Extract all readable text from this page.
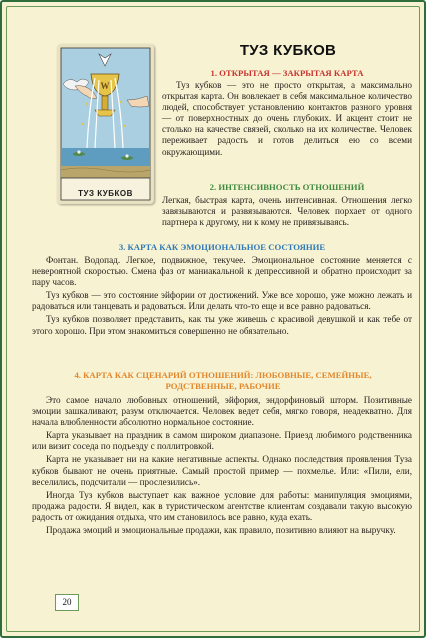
W
ТУЗ КУБКОВ
ТУЗ КУБКОВ
1. ОТКРЫТАЯ — ЗАКРЫТАЯ КАРТА

Туз кубков — это не просто открытая, а максимально открытая карта. Он вовлекает в себя максимальное количество людей, способствует установлению контактов разного уровня — от поверхностных до очень глубоких. И акцент стоит не столько на качестве связей, сколько на их количестве. Человек переживает радость и готов делиться ею со всеми окружающими.

2. ИНТЕНСИВНОСТЬ ОТНОШЕНИЙ

Легкая, быстрая карта, очень интенсивная. Отношения легко завязываются и развязываются. Человек порхает от одного партнера к другому, ни к кому не привязываясь.

3. КАРТА КАК ЭМОЦИОНАЛЬНОЕ СОСТОЯНИЕ

Фонтан. Водопад. Легкое, подвижное, текучее. Эмоциональное состояние меняется с невероятной скоростью. Смена фаз от маниакальной к депрессивной и обратно происходит за пару часов.

Туз кубков — это состояние эйфории от достижений. Уже все хорошо, уже можно лежать и радоваться или танцевать и радоваться. Или делать что-то еще и все равно радоваться.

Туз кубков позволяет представить, как ты уже живешь с красивой девушкой и как тебе от этого хорошо. При этом знакомиться совершенно не обязательно.

4. КАРТА КАК СЦЕНАРИЙ ОТНОШЕНИЙ: ЛЮБОВНЫЕ, СЕМЕЙНЫЕ, РОДСТВЕННЫЕ, РАБОЧИЕ

Это самое начало любовных отношений, эйфория, эндорфиновый шторм. Позитивные эмоции зашкаливают, разум отключается. Человек ведет себя, мягко говоря, неадекватно. Для начала влюбленности абсолютно нормальное состояние.

Карта указывает на праздник в самом широком диапазоне. Приезд любимого родственника или визит соседа по подъезду с поллитровкой.

Карта не указывает ни на какие негативные аспекты. Однако последствия проявления Туза кубков бывают не очень приятные. Самый простой пример — похмелье. Или: «Пили, ели, веселились, подсчитали — прослезились».

Иногда Туз кубков выступает как важное условие для работы: манипуляция эмоциями, продажа радости. Я видел, как в туристическом агентстве клиентам создавали такую высокую радость от ожидания отдыха, что им становилось все равно, куда ехать.

Продажа эмоций и эмоциональные продажи, как правило, позитивно влияют на выручку.

20
